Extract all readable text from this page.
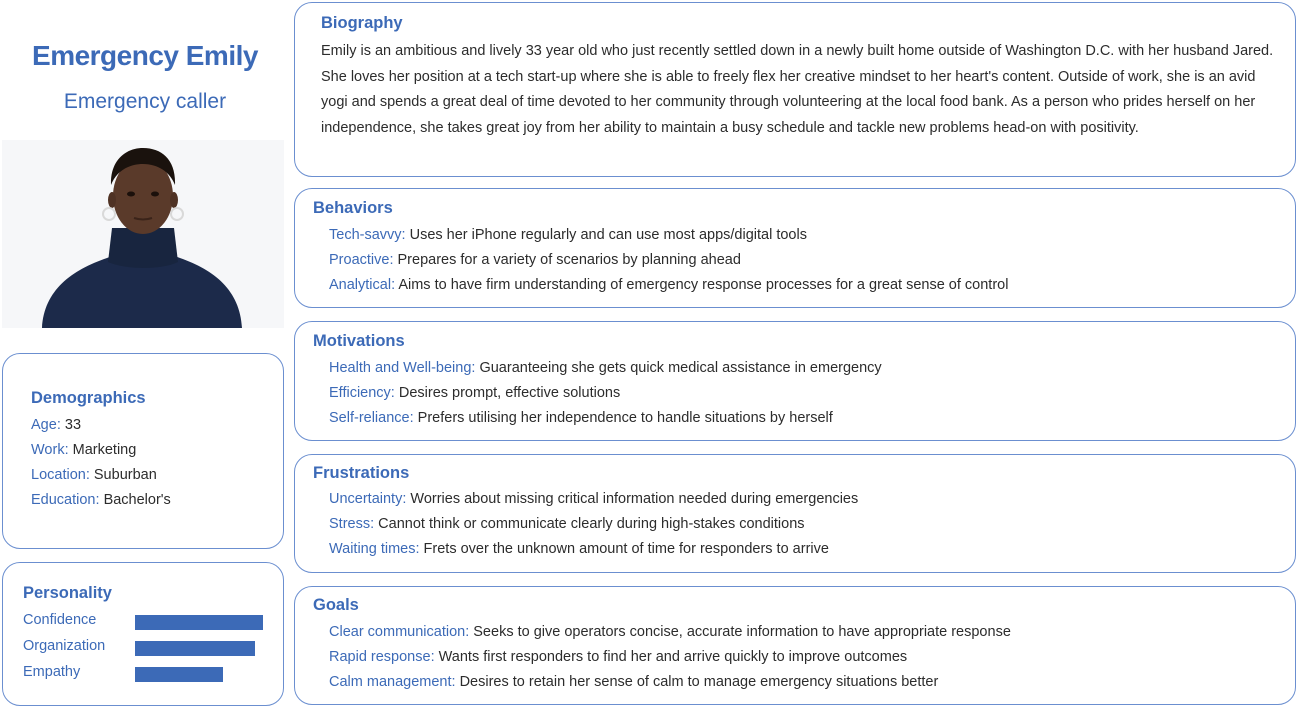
Emergency Emily
Emergency caller
Demographics
Age: 33
Work: Marketing
Location: Suburban
Education: Bachelor's
Personality
Confidence
Organization
Empathy
Biography
Emily is an ambitious and lively 33 year old who just recently settled down in a newly built home outside of Washington D.C. with her husband Jared. She loves her position at a tech start-up where she is able to freely flex her creative mindset to her heart's content. Outside of work, she is an avid yogi and spends a great deal of time devoted to her community through volunteering at the local food bank. As a person who prides herself on her independence, she takes great joy from her ability to maintain a busy schedule and tackle new problems head-on with positivity.
Behaviors
Tech-savvy: Uses her iPhone regularly and can use most apps/digital tools
Proactive: Prepares for a variety of scenarios by planning ahead
Analytical: Aims to have firm understanding of emergency response processes for a great sense of control
Motivations
Health and Well-being: Guaranteeing she gets quick medical assistance in emergency
Efficiency: Desires prompt, effective solutions
Self-reliance: Prefers utilising her independence to handle situations by herself
Frustrations
Uncertainty: Worries about missing critical information needed during emergencies
Stress: Cannot think or communicate clearly during high-stakes conditions
Waiting times: Frets over the unknown amount of time for responders to arrive
Goals
Clear communication: Seeks to give operators concise, accurate information to have appropriate response
Rapid response: Wants first responders to find her and arrive quickly to improve outcomes
Calm management: Desires to retain her sense of calm to manage emergency situations better
